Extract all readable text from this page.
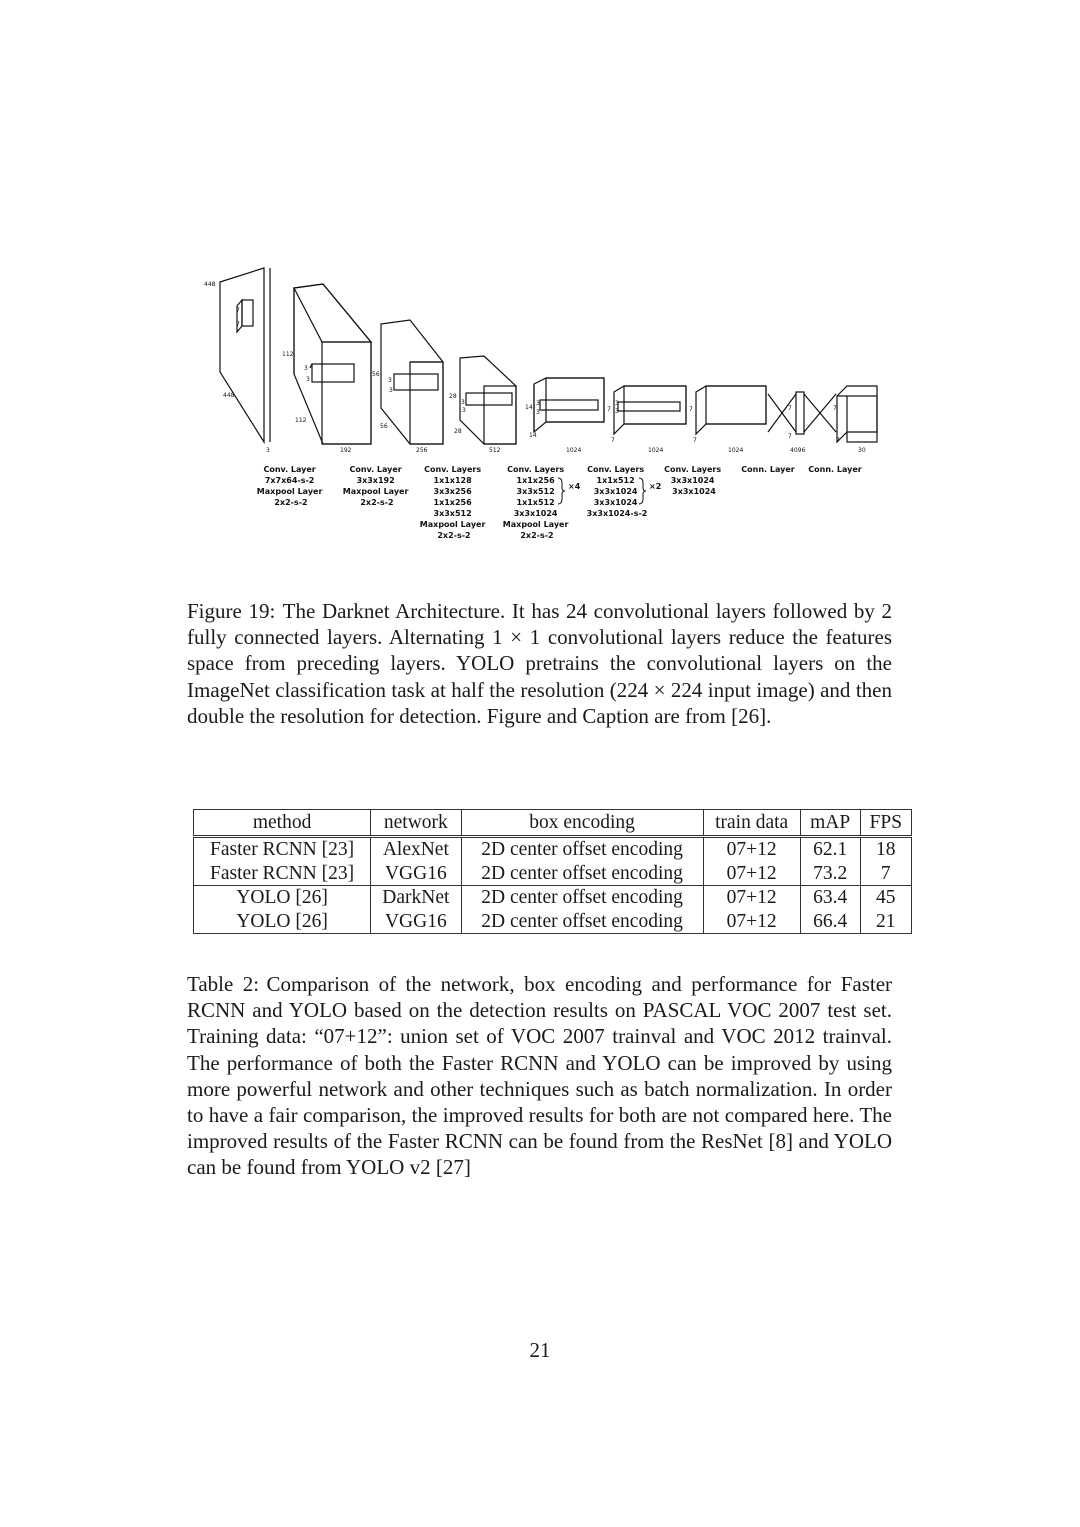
448
448
7
7
3
112
112
3
3
192
56
56
3
3
256
28
28
3
3
512
14
14
3
3
1024
7
7
3
3
1024
7
7
1024
7
7
4096
7
7
30
Conv. Layer 7x7x64-s-2 Maxpool Layer 2x2-s-2
Conv. Layer 3x3x192 Maxpool Layer 2x2-s-2
Conv. Layers 1x1x128 3x3x256 1x1x256 3x3x512 Maxpool Layer 2x2-s-2
Conv. Layers 1x1x256 3x3x512 1x1x512 3x3x1024 Maxpool Layer 2x2-s-2
Conv. Layers 1x1x512 3x3x1024 3x3x1024 3x3x1024-s-2
Conv. Layers 3x3x1024 3x3x1024
Conn. Layer Conn. Layer
×4	×2

Figure 19: The Darknet Architecture. It has 24 convolutional layers followed by 2 fully connected layers. Alternating 1 × 1 convolutional layers reduce the features space from preceding layers. YOLO pretrains the convolutional layers on the ImageNet classification task at half the resolution (224 × 224 input image) and then double the resolution for detection. Figure and Caption are from [26].

method	network	box encoding	train data	mAP	FPS
Faster RCNN [23]	AlexNet	2D center offset encoding	07+12	62.1	18
Faster RCNN [23]	VGG16	2D center offset encoding	07+12	73.2	7
YOLO [26]	DarkNet	2D center offset encoding	07+12	63.4	45
YOLO [26]	VGG16	2D center offset encoding	07+12	66.4	21

Table 2: Comparison of the network, box encoding and performance for Faster RCNN and YOLO based on the detection results on PASCAL VOC 2007 test set. Training data: “07+12”: union set of VOC 2007 trainval and VOC 2012 trainval. The performance of both the Faster RCNN and YOLO can be improved by using more powerful network and other techniques such as batch normalization. In order to have a fair comparison, the improved results for both are not compared here. The improved results of the Faster RCNN can be found from the ResNet [8] and YOLO can be found from YOLO v2 [27]

21
